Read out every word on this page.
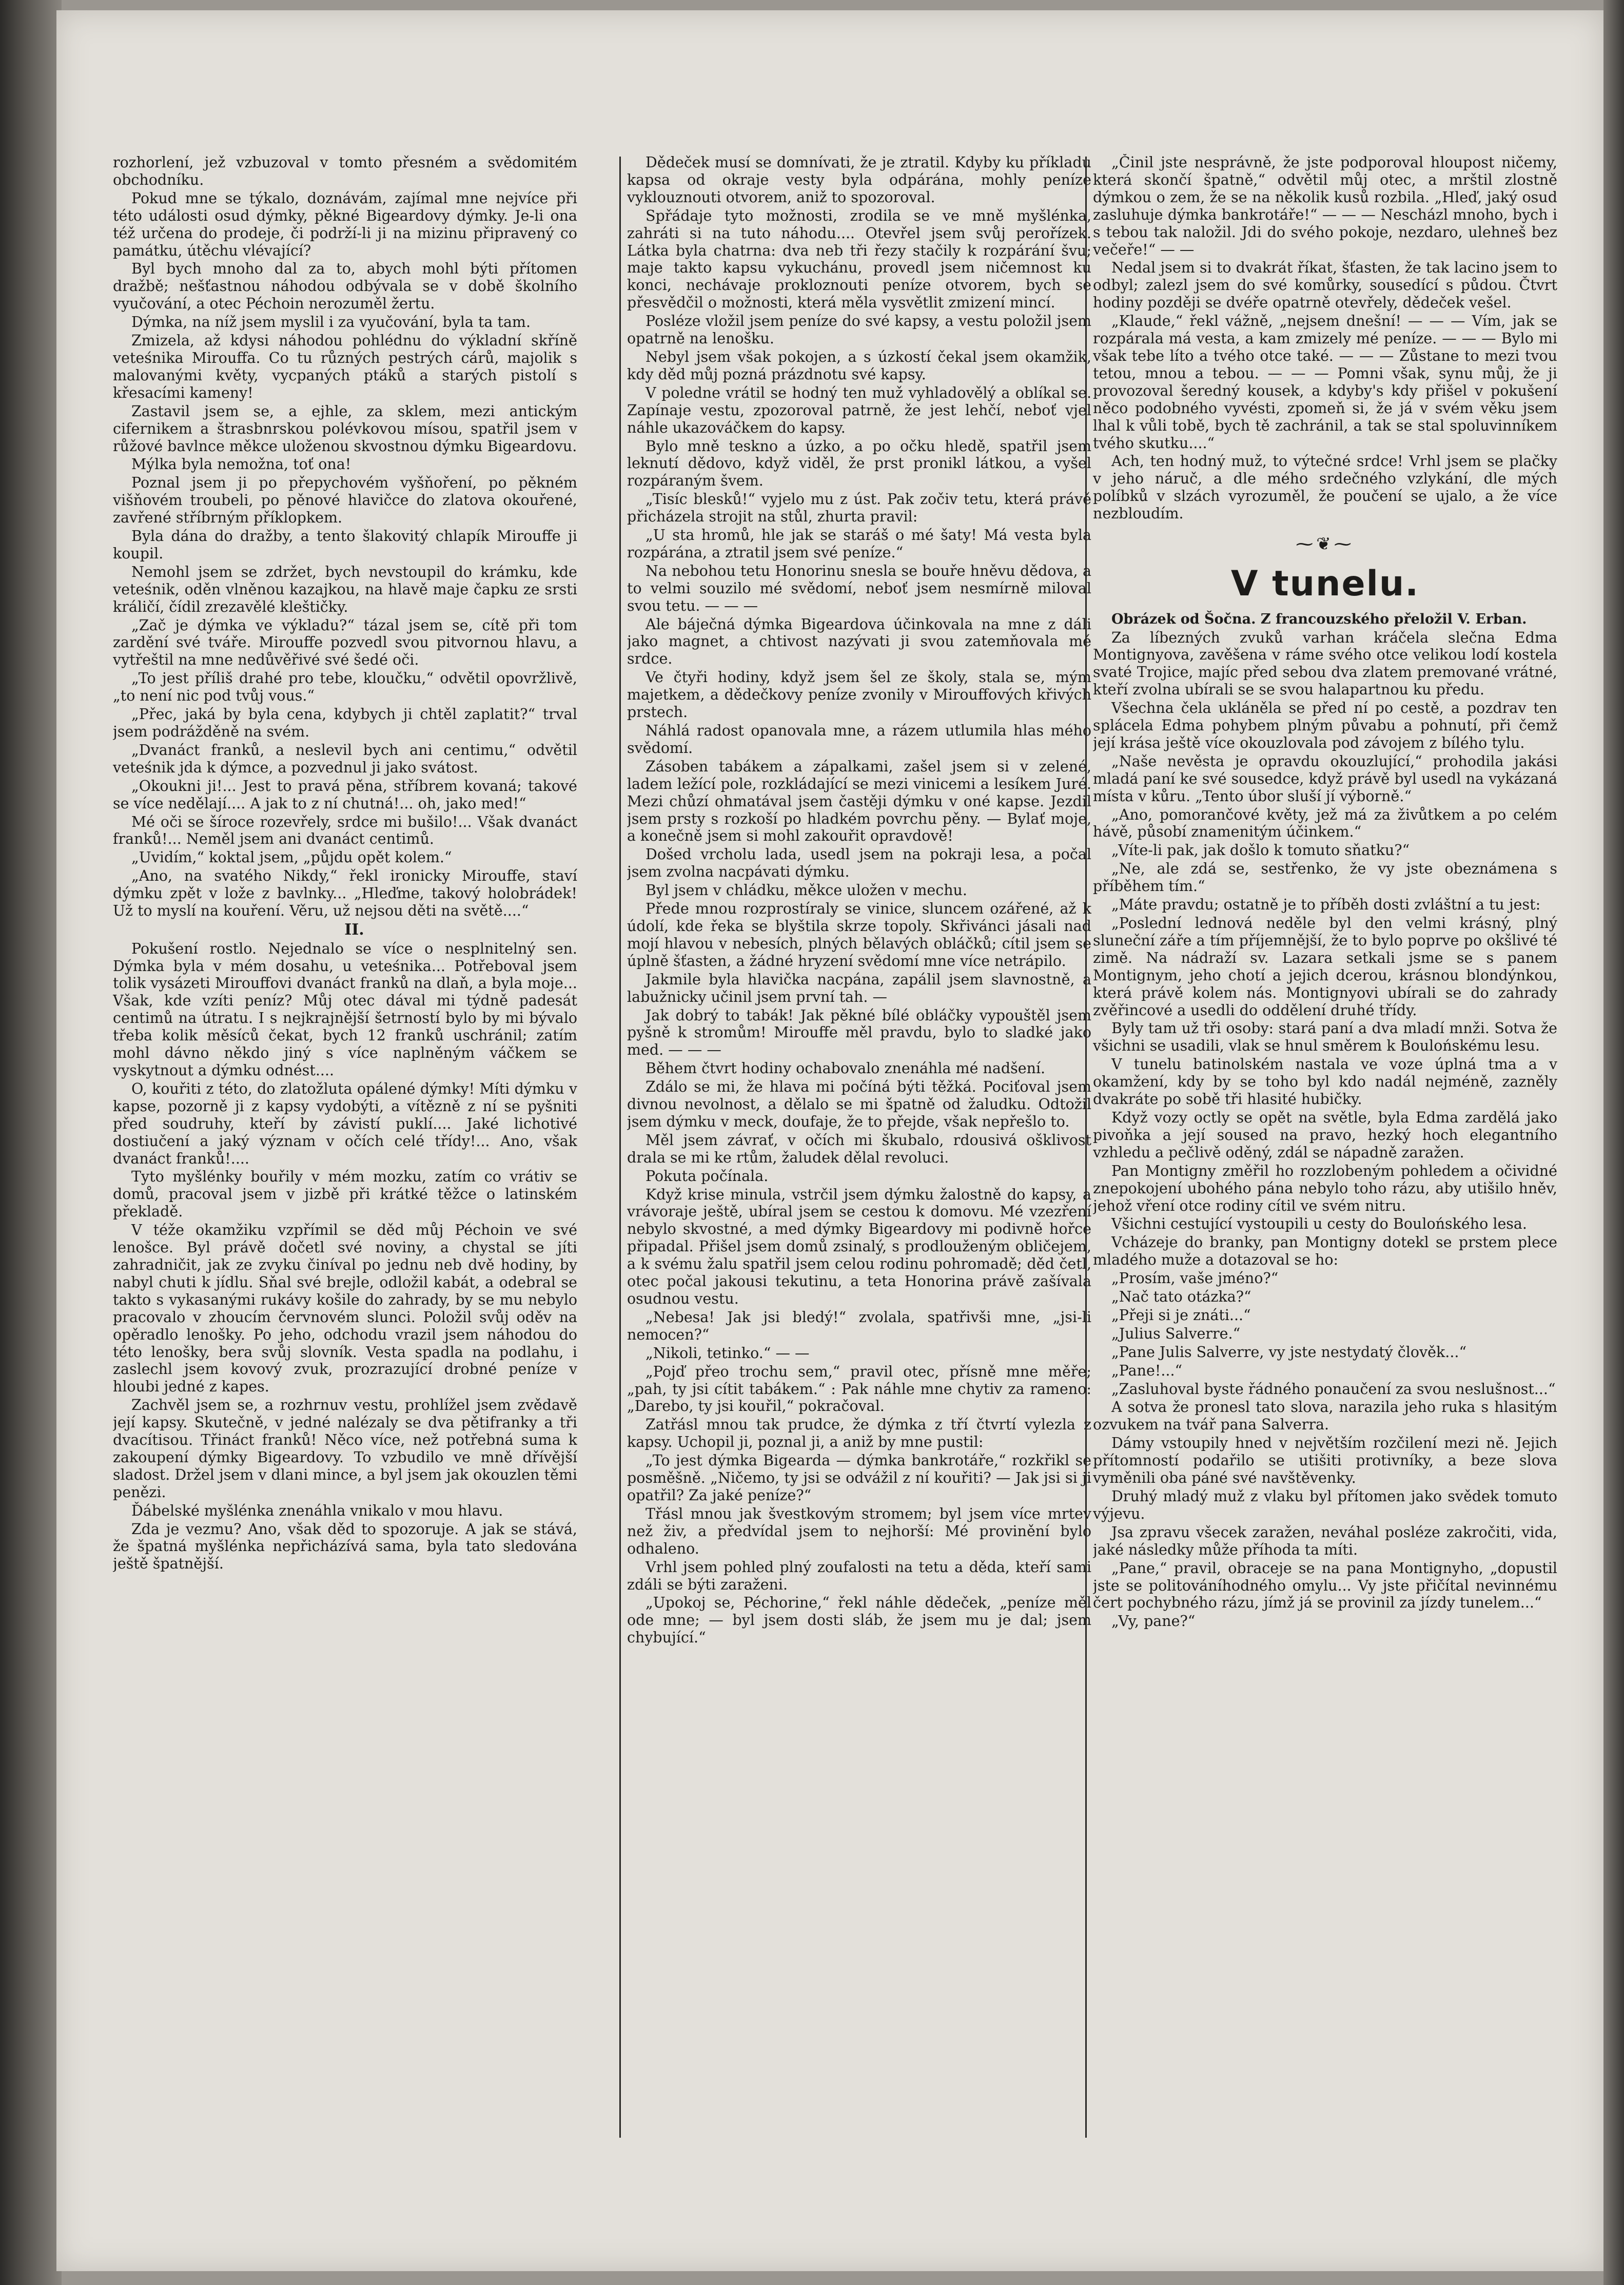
rozhorlení, jež vzbuzoval v tomto přesném a svědomitém obchodníku.

Pokud mne se týkalo, doznávám, zajímal mne nejvíce při této události osud dýmky, pěkné Bigeardovy dýmky. Je-li ona též určena do prodeje, či podrží-li ji na mizinu připravený co památku, útěchu vlévající?

Byl bych mnoho dal za to, abych mohl býti přítomen dražbě; nešťastnou náhodou odbývala se v době školního vyučování, a otec Péchoin nerozuměl žertu.

Dýmka, na níž jsem myslil i za vyučování, byla ta tam.

Zmizela, až kdysi náhodou pohlédnu do výkladní skříně veteśnika Mirouffa. Co tu různých pestrých cárů, majolik s malovanými květy, vycpaných ptáků a starých pistolí s křesacími kameny!

Zastavil jsem se, a ejhle, za sklem, mezi antickým cifernikem a štrasbnrskou polévkovou mísou, spatřil jsem v růžové bavlnce měkce uloženou skvostnou dýmku Bigeardovu.

Mýlka byla nemožna, toť ona!

Poznal jsem ji po přepychovém vyšňoření, po pěkném višňovém troubeli, po pěnové hlavičce do zlatova okouřené, zavřené stříbrným příklopkem.

Byla dána do dražby, a tento šlakovitý chlapík Mirouffe ji koupil.

Nemohl jsem se zdržet, bych nevstoupil do krámku, kde veteśnik, oděn vlněnou kazajkou, na hlavě maje čapku ze srsti králičí, čídil zrezavělé kleštičky.

„Zač je dýmka ve výkladu?“ tázal jsem se, cítě při tom zardění své tváře. Mirouffe pozvedl svou pitvornou hlavu, a vytřeštil na mne nedůvěřivé své šedé oči.

„To jest příliš drahé pro tebe, kloučku,“ odvětil opovržlivě, „to není nic pod tvůj vous.“

„Přec, jaká by byla cena, kdybych ji chtěl zaplatit?“ trval jsem podrážděně na svém.

„Dvanáct franků, a neslevil bych ani centimu,“ odvětil veteśnik jda k dýmce, a pozvednul ji jako svátost.

„Okoukni ji!... Jest to pravá pěna, stříbrem kovaná; takové se více nedělají.... A jak to z ní chutná!... oh, jako med!“

Mé oči se šíroce rozevřely, srdce mi bušilo!... Však dvanáct franků!... Neměl jsem ani dvanáct centimů.

„Uvidím,“ koktal jsem, „půjdu opět kolem.“

„Ano, na svatého Nikdy,“ řekl ironicky Mirouffe, staví dýmku zpět v lože z bavlnky... „Hleďme, takový holobrádek! Už to myslí na kouření. Věru, už nejsou děti na světě....“

II.

Pokušení rostlo. Nejednalo se více o nesplnitelný sen. Dýmka byla v mém dosahu, u veteśnika... Potřeboval jsem tolik vysázeti Mirouffovi dvanáct franků na dlaň, a byla moje... Však, kde vzíti peníz? Můj otec dával mi týdně padesát centimů na útratu. I s nejkrajnější šetrností bylo by mi bývalo třeba kolik měsíců čekat, bych 12 franků uschránil; zatím mohl dávno někdo jiný s více naplněným váčkem se vyskytnout a dýmku odnést....

O, kouřiti z této, do zlatožluta opálené dýmky! Míti dýmku v kapse, pozorně ji z kapsy vydobýti, a vítězně z ní se pyšniti před soudruhy, kteří by závistí puklí.... Jaké lichotivé dostiučení a jaký význam v očích celé třídy!... Ano, však dvanáct franků!....

Tyto myšlénky bouřily v mém mozku, zatím co vrátiv se domů, pracoval jsem v jizbě při krátké těžce o latinském překladě.

V téže okamžiku vzpřímil se děd můj Péchoin ve své lenošce. Byl právě dočetl své noviny, a chystal se jíti zahradničit, jak ze zvyku činíval po jednu neb dvě hodiny, by nabyl chuti k jídlu. Sňal své brejle, odložil kabát, a odebral se takto s vykasanými rukávy košile do zahrady, by se mu nebylo pracovalo v zhoucím červnovém slunci. Položil svůj oděv na opěradlo lenošky. Po jeho, odchodu vrazil jsem náhodou do této lenošky, bera svůj slovník. Vesta spadla na podlahu, i zaslechl jsem kovový zvuk, prozrazující drobné peníze v hloubi jedné z kapes.

Zachvěl jsem se, a rozhrnuv vestu, prohlížel jsem zvědavě její kapsy. Skutečně, v jedné nalézaly se dva pětifranky a tři dvacítisou. Třináct franků! Něco více, než potřebná suma k zakoupení dýmky Bigeardovy. To vzbudilo ve mně dřívější sladost. Držel jsem v dlani mince, a byl jsem jak okouzlen těmi penězi.

Ďábelské myšlénka znenáhla vnikalo v mou hlavu.

Zda je vezmu? Ano, však děd to spozoruje. A jak se stává, že špatná myšlénka nepřicházívá sama, byla tato sledována ještě špatnější.

Dědeček musí se domnívati, že je ztratil. Kdyby ku příkladu kapsa od okraje vesty byla odpárána, mohly peníze vyklouznouti otvorem, aniž to spozoroval.

Spřádaje tyto možnosti, zrodila se ve mně myšlénka, zahráti si na tuto náhodu.... Otevřel jsem svůj perořízek. Látka byla chatrna: dva neb tři řezy stačily k rozpárání švu; maje takto kapsu vykuchánu, provedl jsem ničemnost ku konci, nechávaje prokloznouti peníze otvorem, bych se přesvědčil o možnosti, která měla vysvětlit zmizení mincí.

Posléze vložil jsem peníze do své kapsy, a vestu položil jsem opatrně na lenošku.

Nebyl jsem však pokojen, a s úzkostí čekal jsem okamžik, kdy děd můj pozná prázdnotu své kapsy.

V poledne vrátil se hodný ten muž vyhladovělý a oblíkal se. Zapínaje vestu, zpozoroval patrně, že jest lehčí, neboť vjel náhle ukazováčkem do kapsy.

Bylo mně teskno a úzko, a po očku hledě, spatřil jsem leknutí dědovo, když viděl, že prst pronikl látkou, a vyšel rozpáraným švem.

„Tisíc blesků!“ vyjelo mu z úst. Pak zočiv tetu, která právě přicházela strojit na stůl, zhurta pravil:

„U sta hromů, hle jak se staráš o mé šaty! Má vesta byla rozpárána, a ztratil jsem své peníze.“

Na nebohou tetu Honorinu snesla se bouře hněvu dědova, a to velmi souzilo mé svědomí, neboť jsem nesmírně miloval svou tetu. — — —

Ale báječná dýmka Bigeardova účinkovala na mne z dáli jako magnet, a chtivost nazývati ji svou zatemňovala mé srdce.

Ve čtyři hodiny, když jsem šel ze školy, stala se, mým majetkem, a dědečkovy peníze zvonily v Mirouffových křivých prstech.

Náhlá radost opanovala mne, a rázem utlumila hlas mého svědomí.

Zásoben tabákem a zápalkami, zašel jsem si v zelené, ladem ležící pole, rozkládající se mezi vinicemi a lesíkem Juré. Mezi chůzí ohmatával jsem častěji dýmku v oné kapse. Jezdil jsem prsty s rozkoší po hladkém povrchu pěny. — Bylať moje, a konečně jsem si mohl zakouřit opravdově!

Došed vrcholu lada, usedl jsem na pokraji lesa, a počal jsem zvolna nacpávati dýmku.

Byl jsem v chládku, měkce uložen v mechu.

Přede mnou rozprostíraly se vinice, sluncem ozářené, až k údolí, kde řeka se blyštila skrze topoly. Skřivánci jásali nad mojí hlavou v nebesích, plných bělavých obláčků; cítil jsem se úplně šťasten, a žádné hryzení svědomí mne více netrápilo.

Jakmile byla hlavička nacpána, zapálil jsem slavnostně, a labužnicky učinil jsem první tah. —

Jak dobrý to tabák! Jak pěkné bílé obláčky vypouštěl jsem pyšně k stromům! Mirouffe měl pravdu, bylo to sladké jako med. — — —

Během čtvrt hodiny ochabovalo znenáhla mé nadšení.

Zdálo se mi, že hlava mi počíná býti těžká. Pociťoval jsem divnou nevolnost, a dělalo se mi špatně od žaludku. Odtožil jsem dýmku v meck, doufaje, že to přejde, však nepřešlo to.

Měl jsem závrať, v očích mi škubalo, rdousivá ošklivost drala se mi ke rtům, žaludek dělal revoluci.

Pokuta počínala.

Když krise minula, vstrčil jsem dýmku žalostně do kapsy, a vrávoraje ještě, ubíral jsem se cestou k domovu. Mé vzezření nebylo skvostné, a med dýmky Bigeardovy mi podivně hořce připadal. Přišel jsem domů zsinalý, s prodlouženým obličejem, a k svému žalu spatřil jsem celou rodinu pohromadě; děd četl, otec počal jakousi tekutinu, a teta Honorina právě zašívala osudnou vestu.

„Nebesa! Jak jsi bledý!“ zvolala, spatřivši mne, „jsi-li nemocen?“

„Nikoli, tetinko.“ — —

„Pojď přeo trochu sem,“ pravil otec, přísně mne měře; „pah, ty jsi cítit tabákem.“ : Pak náhle mne chytiv za rameno: „Darebo, ty jsi kouřil,“ pokračoval.

Zatřásl mnou tak prudce, že dýmka z tří čtvrtí vylezla z kapsy. Uchopil ji, poznal ji, a aniž by mne pustil:

„To jest dýmka Bigearda — dýmka bankrotáře,“ rozkřikl se posměšně. „Ničemo, ty jsi se odvážil z ní kouřiti? — Jak jsi si ji opatřil? Za jaké peníze?“

Třásl mnou jak švestkovým stromem; byl jsem více mrtev než živ, a předvídal jsem to nejhorší: Mé provinění bylo odhaleno.

Vrhl jsem pohled plný zoufalosti na tetu a děda, kteří sami zdáli se býti zaraženi.

„Upokoj se, Péchorine,“ řekl náhle dědeček, „peníze měl ode mne; — byl jsem dosti sláb, že jsem mu je dal; jsem chybující.“

„Činil jste nesprávně, že jste podporoval hloupost ničemy, která skončí špatně,“ odvětil můj otec, a mrštil zlostně dýmkou o zem, že se na několik kusů rozbila. „Hleď, jaký osud zasluhuje dýmka bankrotáře!“ — — — Nescházl mnoho, bych i s tebou tak naložil. Jdi do svého pokoje, nezdaro, ulehneš bez večeře!“ — —

Nedal jsem si to dvakrát říkat, šťasten, že tak lacino jsem to odbyl; zalezl jsem do své komůrky, sousedící s půdou. Čtvrt hodiny později se dvéře opatrně otevřely, dědeček vešel.

„Klaude,“ řekl vážně, „nejsem dnešní! — — — Vím, jak se rozpárala má vesta, a kam zmizely mé peníze. — — — Bylo mi však tebe líto a tvého otce také. — — — Zůstane to mezi tvou tetou, mnou a tebou. — — — Pomni však, synu můj, že ji provozoval šeredný kousek, a kdyby's kdy přišel v pokušení něco podobného vyvésti, zpomeň si, že já v svém věku jsem lhal k vůli tobě, bych tě zachránil, a tak se stal spoluvinníkem tvého skutku....“

Ach, ten hodný muž, to výtečné srdce! Vrhl jsem se plačky v jeho náruč, a dle mého srdečného vzlykání, dle mých políbků v slzách vyrozuměl, že poučení se ujalo, a že více nezbloudím.

⁓❦⁓
V tunelu.

Obrázek od Šočna. Z francouzského přeložil V. Erban.

Za líbezných zvuků varhan kráčela slečna Edma Montignyova, zavěšena v ráme svého otce velikou lodí kostela svaté Trojice, majíc před sebou dva zlatem premované vrátné, kteří zvolna ubírali se se svou halapartnou ku předu.

Všechna čela ukláněla se před ní po cestě, a pozdrav ten splácela Edma pohybem plným půvabu a pohnutí, při čemž její krása ještě více okouzlovala pod závojem z bílého tylu.

„Naše nevěsta je opravdu okouzlující,“ prohodila jakási mladá paní ke své sousedce, když právě byl usedl na vykázaná místa v kůru. „Tento úbor sluší jí výborně.“

„Ano, pomorančové květy, jež má za živůtkem a po celém hávě, působí znamenitým účinkem.“

„Víte-li pak, jak došlo k tomuto sňatku?“

„Ne, ale zdá se, sestřenko, že vy jste obeznámena s příběhem tím.“

„Máte pravdu; ostatně je to příběh dosti zvláštní a tu jest:

„Poslední lednová neděle byl den velmi krásný, plný sluneční záře a tím příjemnější, že to bylo poprve po okšlivé té zimě. Na nádraží sv. Lazara setkali jsme se s panem Montignym, jeho chotí a jejich dcerou, krásnou blondýnkou, která právě kolem nás. Montignyovi ubírali se do zahrady zvěřincové a usedli do oddělení druhé třídy.

Byly tam už tři osoby: stará paní a dva mladí mnži. Sotva že všichni se usadili, vlak se hnul směrem k Boulońskému lesu.

V tunelu batinolském nastala ve voze úplná tma a v okamžení, kdy by se toho byl kdo nadál nejméně, zazněly dvakráte po sobě tři hlasité hubičky.

Když vozy octly se opět na světle, byla Edma zardělá jako pivoňka a její soused na pravo, hezký hoch elegantního vzhledu a pečlivě oděný, zdál se nápadně zaražen.

Pan Montigny změřil ho rozzlobeným pohledem a očividné znepokojení ubohého pána nebylo toho rázu, aby utišilo hněv, jehož vření otce rodiny cítil ve svém nitru.

Všichni cestující vystoupili u cesty do Boulońského lesa.

Vcházeje do branky, pan Montigny dotekl se prstem plece mladého muže a dotazoval se ho:

„Prosím, vaše jméno?“

„Nač tato otázka?“

„Přeji si je znáti...“

„Julius Salverre.“

„Pane Julis Salverre, vy jste nestydatý člověk...“

„Pane!...“

„Zasluhoval byste řádného ponaučení za svou neslušnost...“

A sotva že pronesl tato slova, narazila jeho ruka s hlasitým ozvukem na tvář pana Salverra.

Dámy vstoupily hned v největším rozčilení mezi ně. Jejich přítomností podařilo se utišiti protivníky, a beze slova vyměnili oba páné své navštěvenky.

Druhý mladý muž z vlaku byl přítomen jako svědek tomuto výjevu.

Jsa zpravu všecek zaražen, neváhal posléze zakročiti, vida, jaké následky může příhoda ta míti.

„Pane,“ pravil, obraceje se na pana Montignyho, „dopustil jste se politováníhodného omylu... Vy jste přičítal nevinnému čert pochybného rázu, jímž já se provinil za jízdy tunelem...“

„Vy, pane?“
